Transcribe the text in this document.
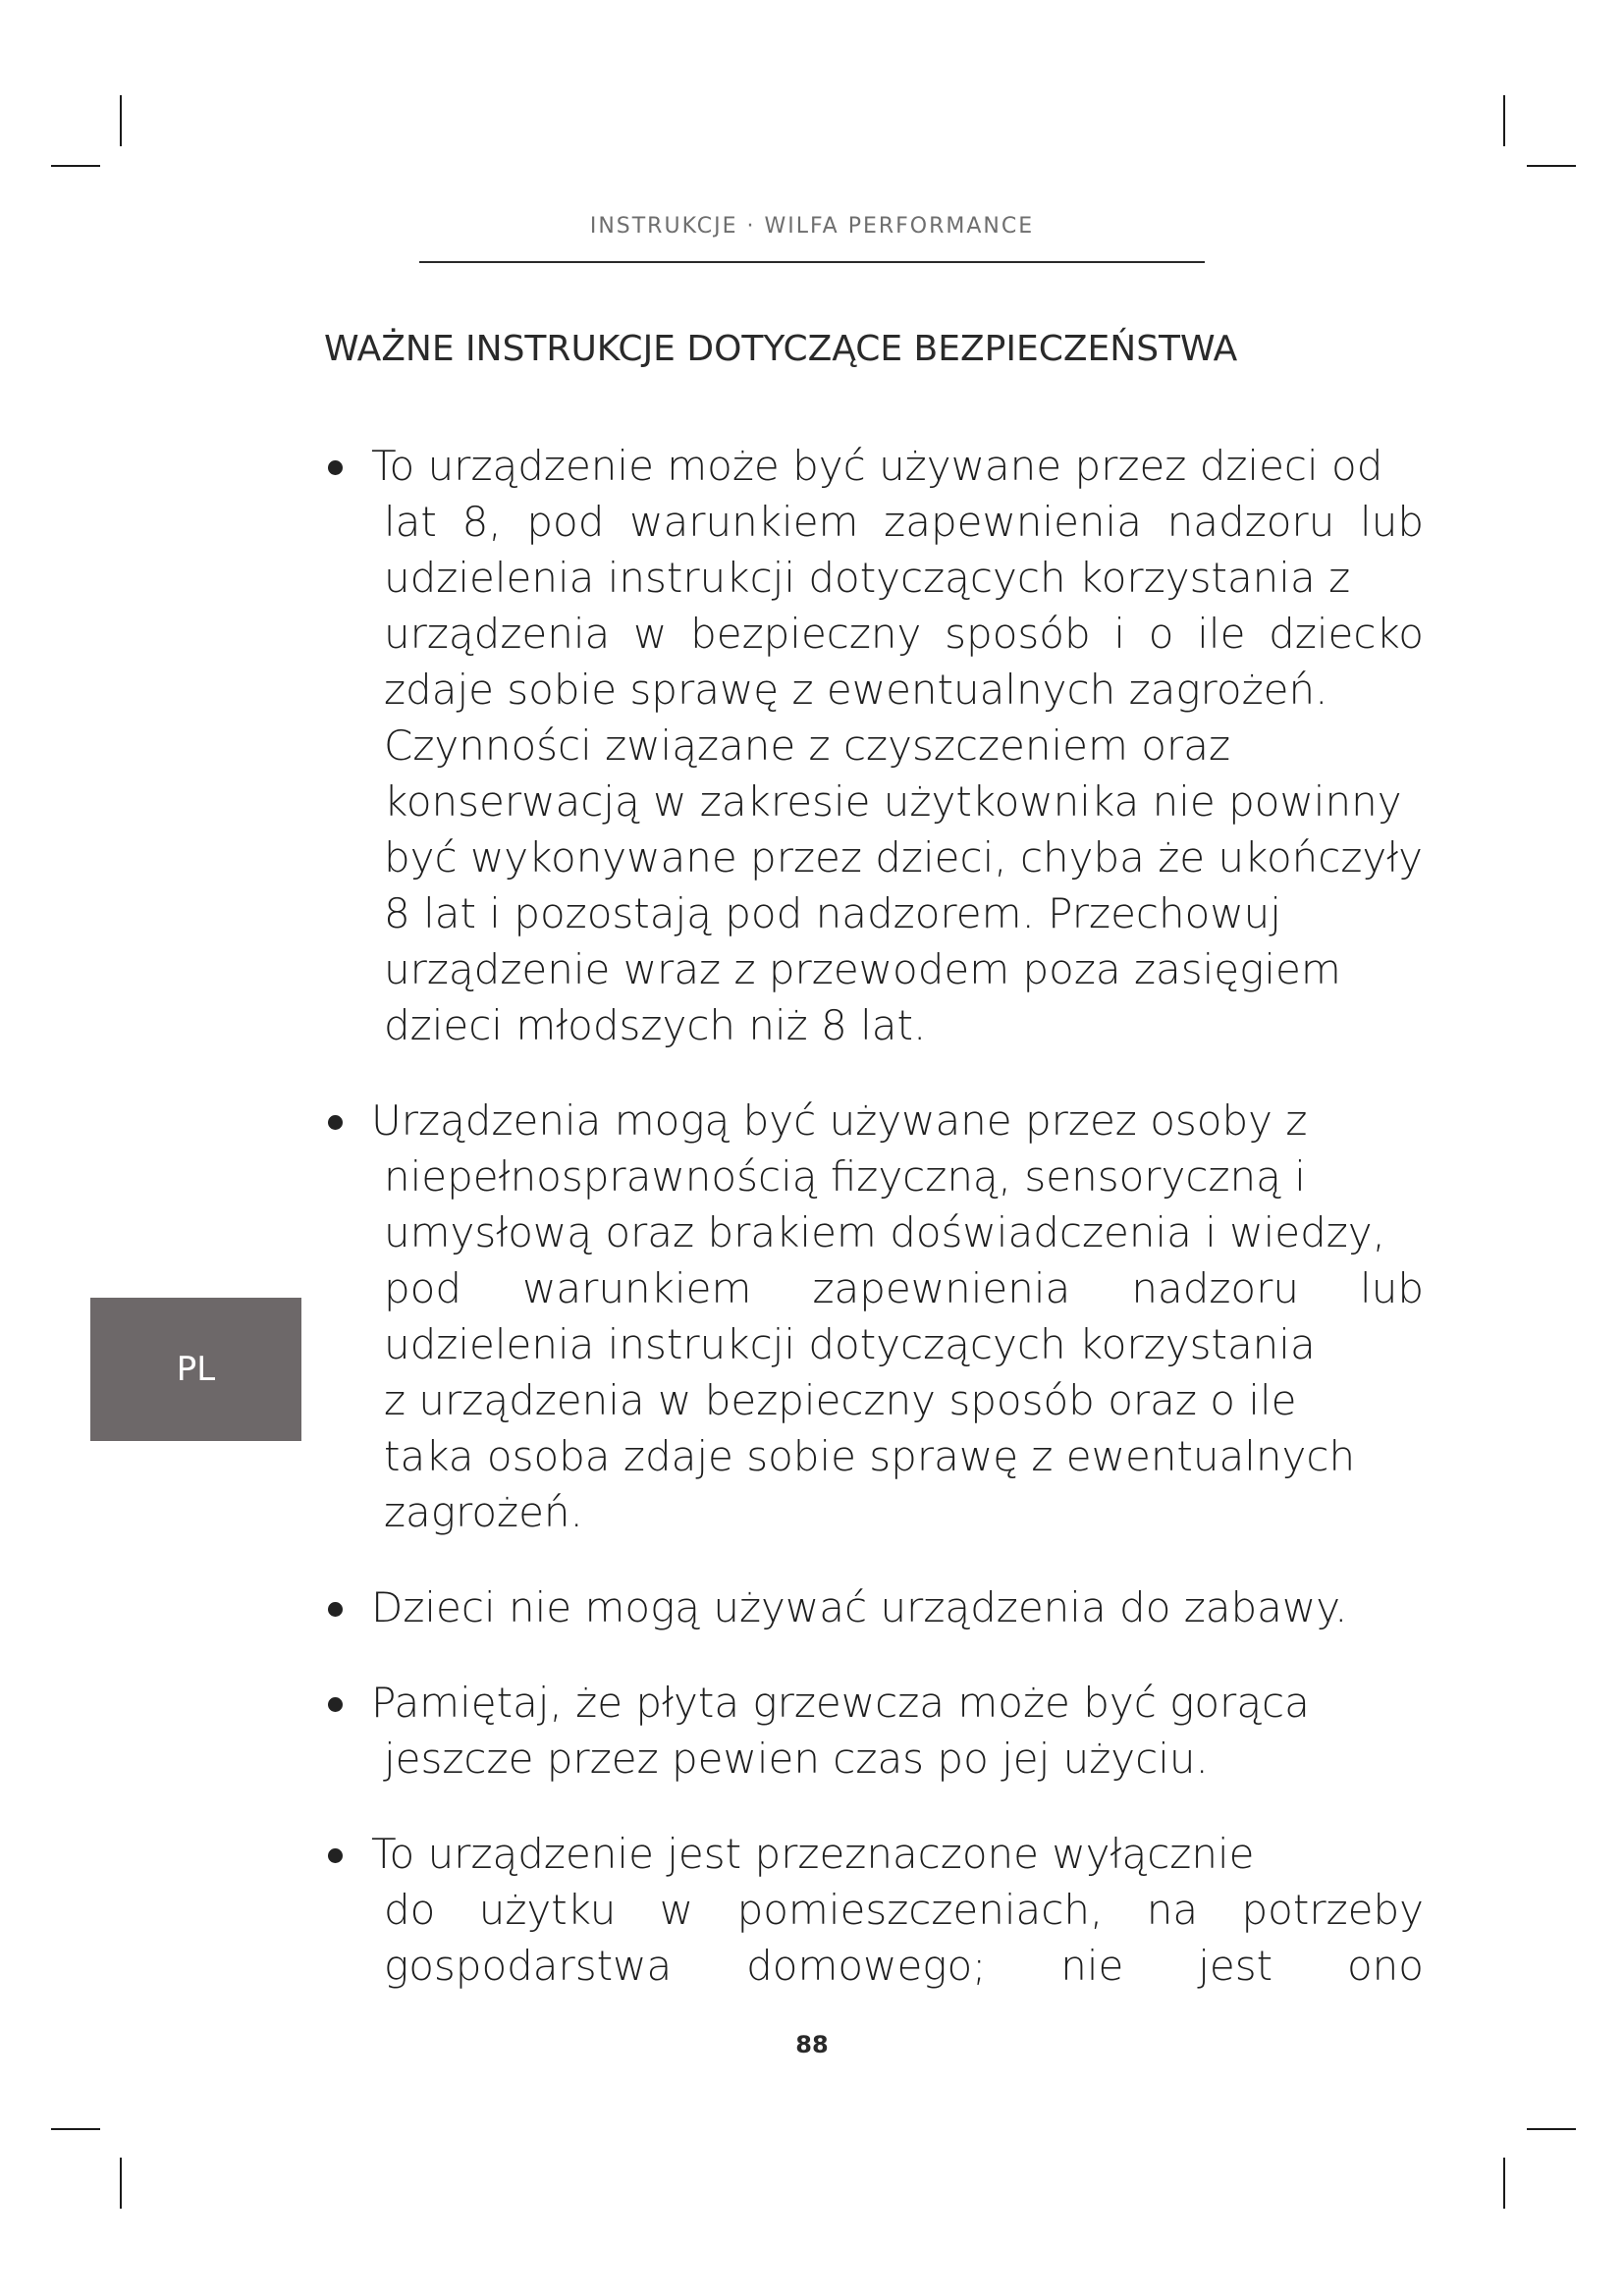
INSTRUKCJE · WILFA PERFORMANCE
WAŻNE INSTRUKCJE DOTYCZĄCE BEZPIECZEŃSTWA
To urządzenie może być używane przez dzieci od
lat 8, pod warunkiem zapewnienia nadzoru lub
udzielenia instrukcji dotyczących korzystania z
urządzenia w bezpieczny sposób i o ile dziecko
zdaje sobie sprawę z ewentualnych zagrożeń.
Czynności związane z czyszczeniem oraz
konserwacją w zakresie użytkownika nie powinny
być wykonywane przez dzieci, chyba że ukończyły
8 lat i pozostają pod nadzorem. Przechowuj
urządzenie wraz z przewodem poza zasięgiem
dzieci młodszych niż 8 lat.
Urządzenia mogą być używane przez osoby z
niepełnosprawnością fizyczną, sensoryczną i
umysłową oraz brakiem doświadczenia i wiedzy,
pod warunkiem zapewnienia nadzoru lub
udzielenia instrukcji dotyczących korzystania
z urządzenia w bezpieczny sposób oraz o ile
taka osoba zdaje sobie sprawę z ewentualnych
zagrożeń.
Dzieci nie mogą używać urządzenia do zabawy.
Pamiętaj, że płyta grzewcza może być gorąca
jeszcze przez pewien czas po jej użyciu.
To urządzenie jest przeznaczone wyłącznie
do użytku w pomieszczeniach, na potrzeby
gospodarstwa domowego; nie jest ono
PL
88
